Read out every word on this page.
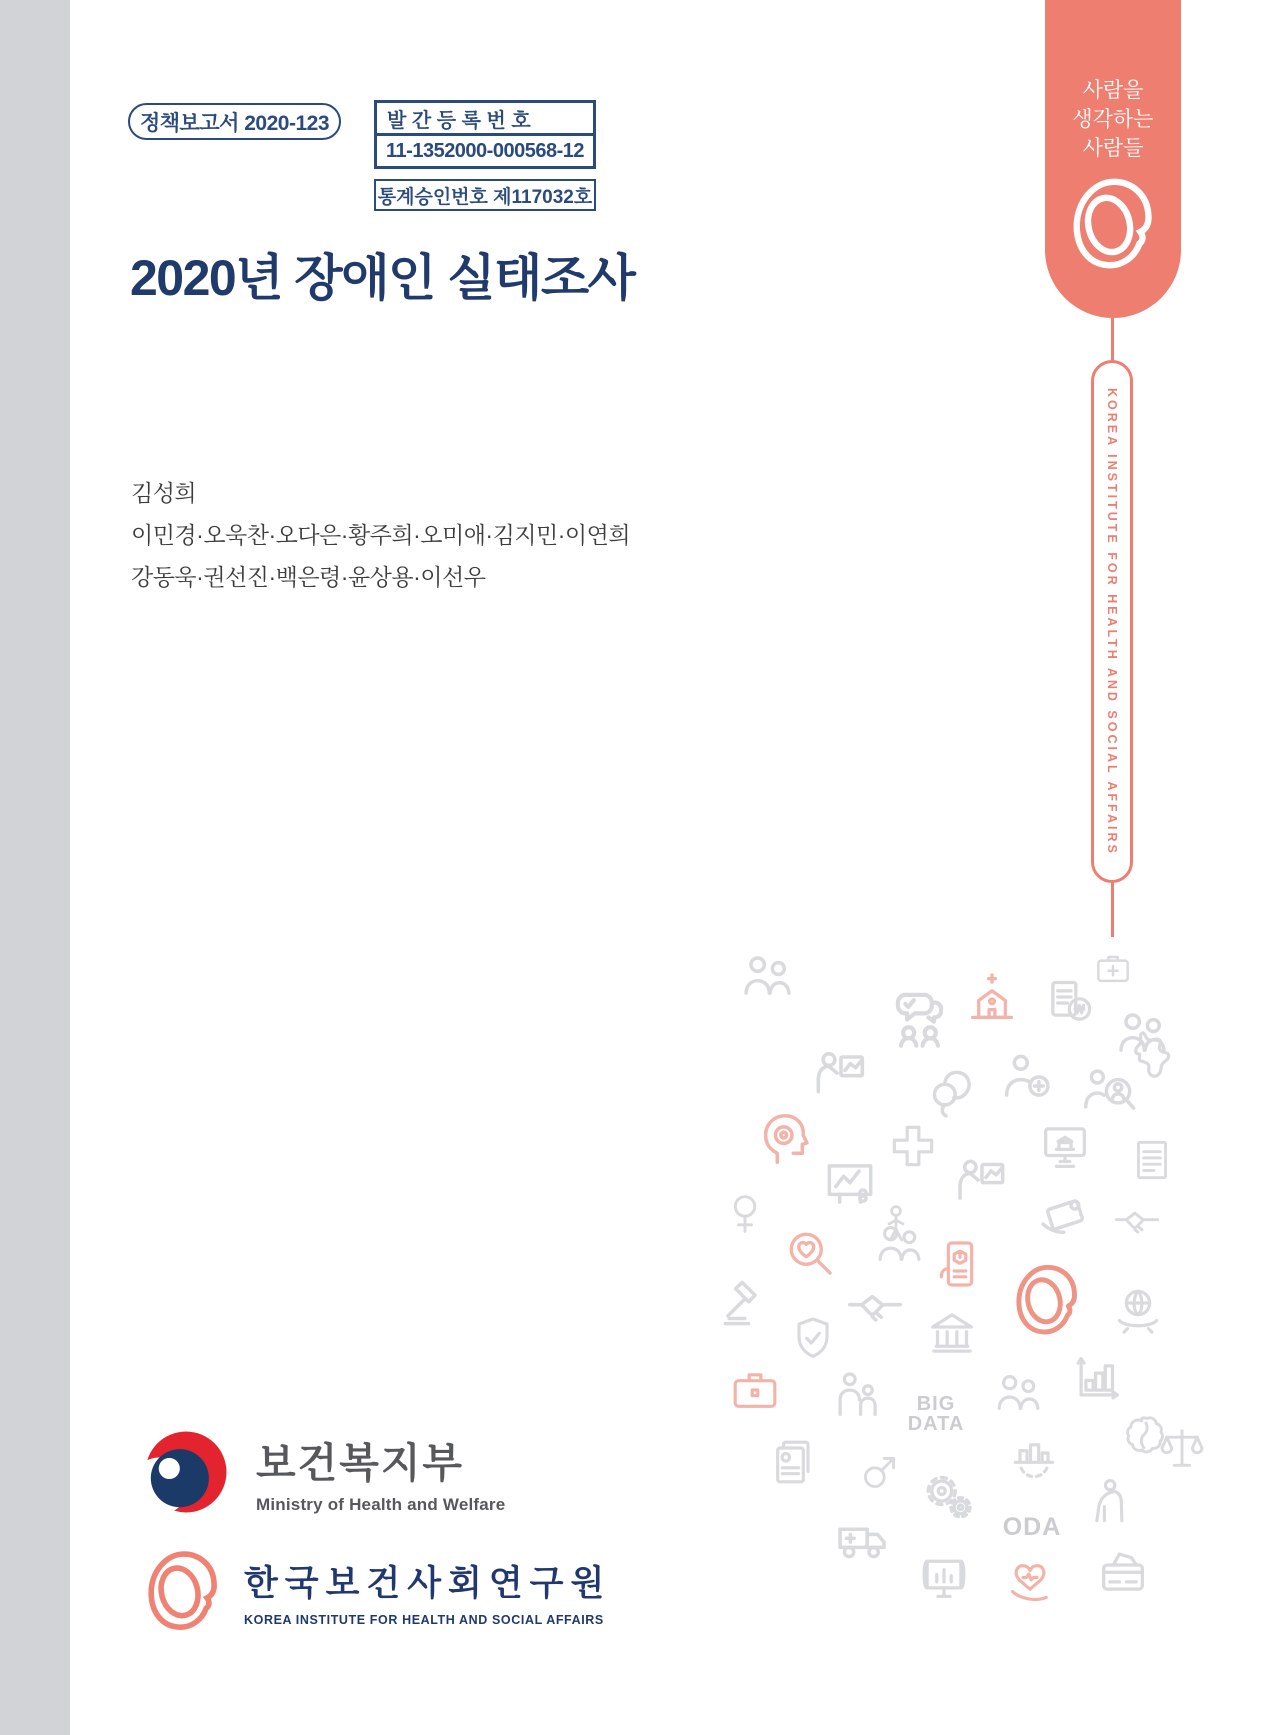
정책보고서 2020-123	발 간 등 록 번 호
11-1352000-000568-12
통계승인번호 제117032호
2020년 장애인 실태조사
김성희
이민경·오욱찬·오다은·황주희·오미애·김지민·이연희
강동욱·권선진·백은령·윤상용·이선우
사람을
생각하는
사람들
KOREA INSTITUTE FOR HEALTH AND SOCIAL AFFAIRS
BIG
DATA
ODA
보건복지부
Ministry of Health and Welfare
한국보건사회연구원
KOREA INSTITUTE FOR HEALTH AND SOCIAL AFFAIRS
